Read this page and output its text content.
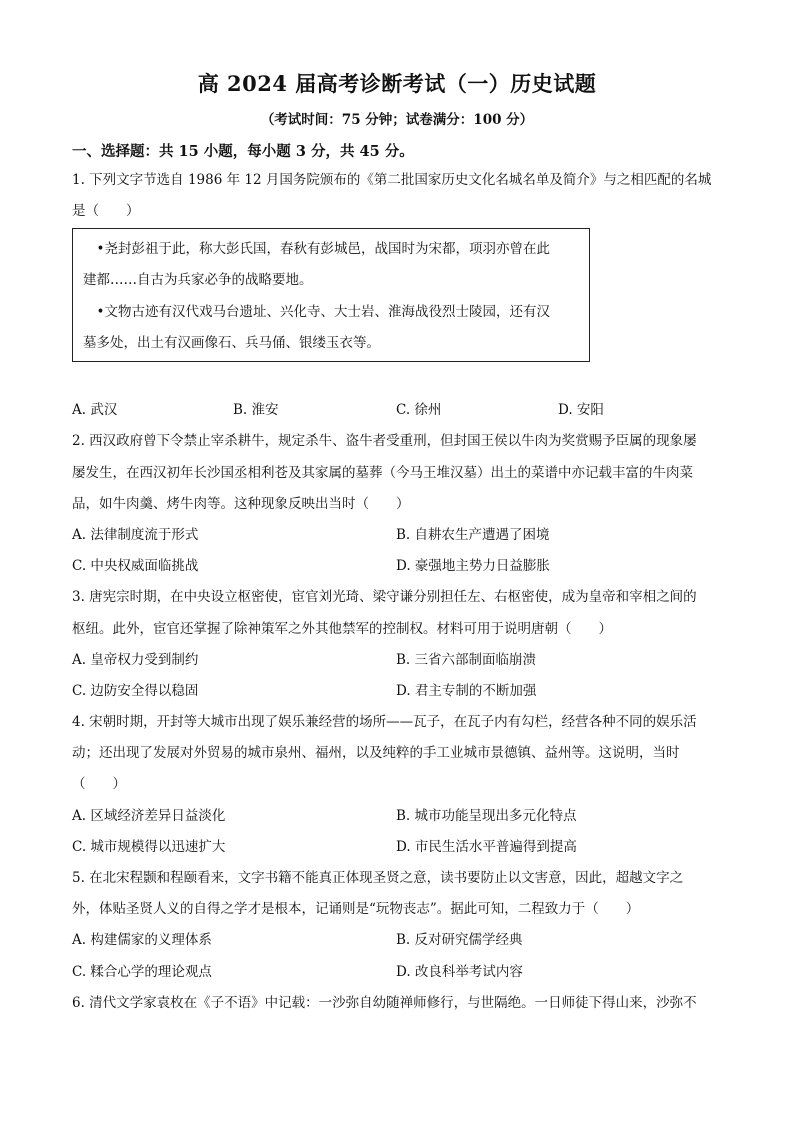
高 2024 届高考诊断考试（一）历史试题
（考试时间：75 分钟；试卷满分：100 分）
一、选择题：共 15 小题，每小题 3 分，共 45 分。
1. 下列文字节选自 1986 年 12 月国务院颁布的《第二批国家历史文化名城名单及简介》与之相匹配的名城
是（　　）
　•尧封彭祖于此，称大彭氏国，春秋有彭城邑，战国时为宋都，项羽亦曾在此
建都……自古为兵家必争的战略要地。
　•文物古迹有汉代戏马台遗址、兴化寺、大士岩、淮海战役烈士陵园，还有汉
墓多处，出土有汉画像石、兵马俑、银缕玉衣等。
A. 武汉	B. 淮安	C. 徐州	D. 安阳
2. 西汉政府曾下令禁止宰杀耕牛，规定杀牛、盗牛者受重刑，但封国王侯以牛肉为奖赏赐予臣属的现象屡
屡发生，在西汉初年长沙国丞相利苍及其家属的墓葬（今马王堆汉墓）出土的菜谱中亦记载丰富的牛肉菜
品，如牛肉羹、烤牛肉等。这种现象反映出当时（　　）
A. 法律制度流于形式	B. 自耕农生产遭遇了困境
C. 中央权威面临挑战	D. 豪强地主势力日益膨胀
3. 唐宪宗时期，在中央设立枢密使，宦官刘光琦、梁守谦分别担任左、右枢密使，成为皇帝和宰相之间的
枢纽。此外，宦官还掌握了除神策军之外其他禁军的控制权。材料可用于说明唐朝（　　）
A. 皇帝权力受到制约	B. 三省六部制面临崩溃
C. 边防安全得以稳固	D. 君主专制的不断加强
4. 宋朝时期，开封等大城市出现了娱乐兼经营的场所——瓦子，在瓦子内有勾栏，经营各种不同的娱乐活
动；还出现了发展对外贸易的城市泉州、福州，以及纯粹的手工业城市景德镇、益州等。这说明，当时
（　　）
A. 区域经济差异日益淡化	B. 城市功能呈现出多元化特点
C. 城市规模得以迅速扩大	D. 市民生活水平普遍得到提高
5. 在北宋程颢和程颐看来，文字书籍不能真正体现圣贤之意，读书要防止以文害意，因此，超越文字之
外，体贴圣贤人义的自得之学才是根本，记诵则是“玩物丧志”。据此可知，二程致力于（　　）
A. 构建儒家的义理体系	B. 反对研究儒学经典
C. 糅合心学的理论观点	D. 改良科举考试内容
6. 清代文学家袁枚在《子不语》中记载：一沙弥自幼随禅师修行，与世隔绝。一日师徒下得山来，沙弥不
